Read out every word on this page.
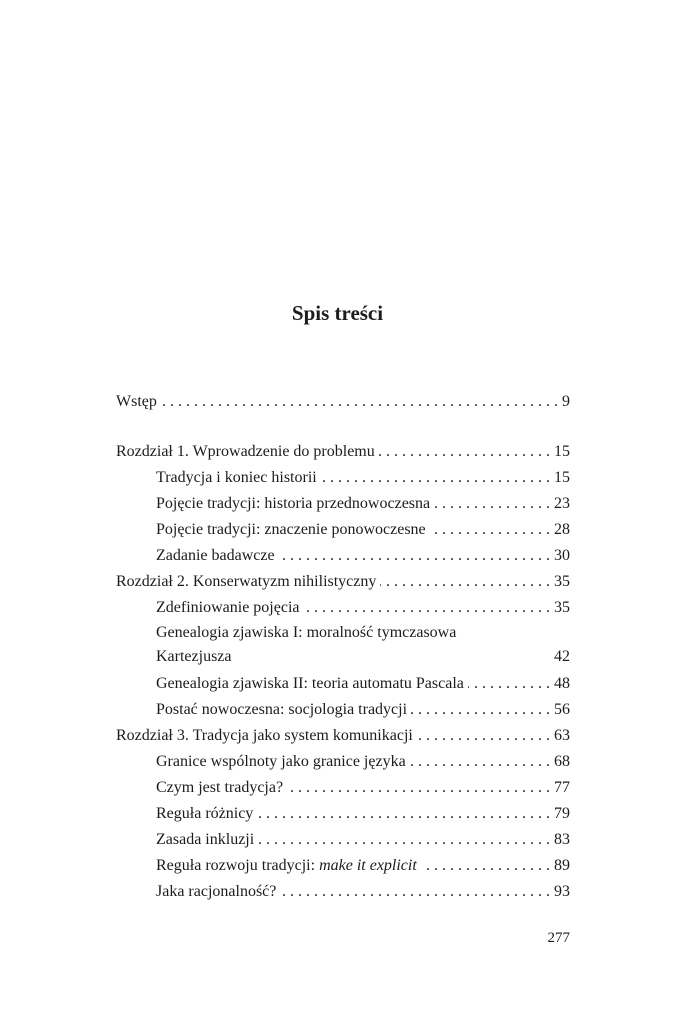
Spis treści
Wstęp . . .	9
Rozdział 1. Wprowadzenie do problemu . . .	15
Tradycja i koniec historii . . .	15
Pojęcie tradycji: historia przednowoczesna . . .	23
Pojęcie tradycji: znaczenie ponowoczesne . . .	28
Zadanie badawcze . . .	30
Rozdział 2. Konserwatyzm nihilistyczny . . .	35
Zdefiniowanie pojęcia . . .	35
Genealogia zjawiska I: moralność tymczasowa
Kartezjusza	42
Genealogia zjawiska II: teoria automatu Pascala . . .	48
Postać nowoczesna: socjologia tradycji . . .	56
Rozdział 3. Tradycja jako system komunikacji . . .	63
Granice wspólnoty jako granice języka . . .	68
Czym jest tradycja? . . .	77
Reguła różnicy . . .	79
Zasada inkluzji . . .	83
Reguła rozwoju tradycji: make it explicit . . .	89
Jaka racjonalność? . . .	93

277
